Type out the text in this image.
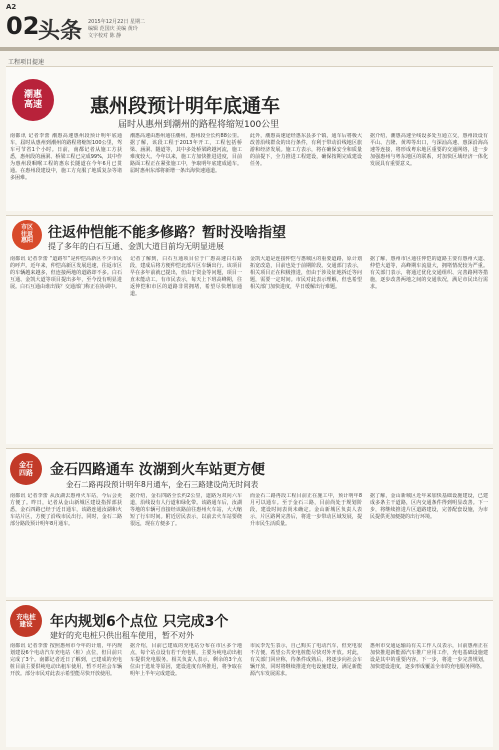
A2
02
头条 2015年12月22日 星期二
编辑 范国庆 美编 黄玲
文字校对 陈 静
工程项目提速
潮惠
高速	惠州段预计明年底通车
届时从惠州到潮州的路程将缩短100公里
南都讯 记者李蕾 潮惠高速惠州段预计明年底通车，届时从惠州到潮州的路程将缩短100公里，驾车可节省1个小时。日前，南都记者从施工方获悉，惠州段的涵洞、桥梁工程已完成99%，其中作为惠州段咽喉工程的惠东长隧道在今年6月已贯通。在惠州段建设中，施工方克服了地质复杂等诸多困难。
潮惠高速由惠州通往潮州，惠州段全长约88公里。据了解，该段工程于2013年开工，工程包括桥梁、涵洞、隧道等，其中多处桥梁跨越河流，施工难度较大。今年以来，施工方加快推进进度，目前路面工程正在紧张施工中，争取明年底建成通车。届时惠州东部将新增一条出海快速通道。
此外，潮惠高速途经惠东县多个镇，通车后将极大改善沿线群众的出行条件，有利于带动沿线地区旅游和经济发展。施工方表示，将在确保安全和质量的前提下，全力推进工程建设，确保按期完成建设任务。
据介绍，潮惠高速全线设多处互通立交，惠州段设有平山、吉隆、黄埠等出口，与深汕高速、惠深沿海高速等连接，将形成粤东地区重要的交通网络，进一步加强惠州与粤东地区的联系，对加快区域经济一体化发展具有重要意义。
市区
往返
惠阳 往返仲恺能不能多修路？暂时没啥指望
提了多年的白石互通、金凯大道目前均无明显进展
南都讯 记者李蕾 “道路窄”是仲恺高新区不少市民的呼声。近年来，仲恺高新区发展迅速，往返市区的车辆越来越多，但连接两地的道路却不多。白石互通、金凯大道等项目提出多年，至今没有明显进展。白石互通由谁出钱？交通部门称正在协调中。
记者了解到，白石互通项目位于广惠高速白石路段，建成后将方便仲恺北部片区车辆出行。该项目早在多年前就已提出，但由于资金等问题，项目一直未能动工。有市民表示，每天上下班高峰期，往返仲恺和市区的道路非常拥堵，希望尽快增加通道。
金凯大道是连接仲恺与惠城区的重要道路，原计划拓宽改造，目前也处于前期阶段。交通部门表示，相关项目正在积极推进，但由于涉及征地拆迁等问题，需要一定时间。市民对此表示理解，但也希望相关部门加快进度，早日缓解出行难题。
据了解，惠州市区通往仲恺的道路主要有惠州大道、仲恺大道等，高峰期车流量大，拥堵情况较为严重。有关部门表示，将通过优化交通组织、完善路网等措施，逐步改善两地之间的交通状况，满足市民出行需求。
金石
四路 金石四路通车 汝湖到火车站更方便
金石二路再段预计明年8月通车，金石三路建设尚无时间表
南都讯 记者李蕾 从汝湖去惠州火车站，今后会更方便了。昨日，记者从金山新城区建设指挥部获悉，金石四路已经于近日通车，该路连通汝湖和火车站片区，方便了沿线市民出行。同时，金石二路部分路段预计明年8月通车。
据介绍，金石四路全长约2公里，道路为双向六车道，沿线设有人行道和绿化带。该路通车后，汝湖等地的车辆可直接经该路前往惠州火车站，大大缩短了行车时间。附近居民表示，以前去火车站要绕很远，现在方便多了。
而金石二路再段工程目前正在施工中，预计明年8月可以通车。至于金石三路，目前尚处于规划阶段，建设时间表尚未确定。金山新城区负责人表示，片区路网完善后，将进一步带动区域发展，提升市民生活质量。
据了解，金山新城区近年来加快基础设施建设，已建成多条主干道路，区内交通条件得到明显改善。下一步，将继续推进片区道路建设，完善配套设施，为市民提供更加便捷的出行环境。
充电桩
建设 年内规划6个点位 只完成3个
建好的充电桩只供出租车使用，暂不对外
南都讯 记者李蕾 按照惠州市今年的计划，年内规划建设6个电动汽车充电站（桩）点位，但目前只完成了3个。南都记者近日了解到，已建成的充电桩目前主要供纯电动出租车使用，暂不对社会车辆开放。部分市民对此表示希望能尽快开放使用。
据介绍，目前已建成的充电站分布在市区多个地点，每个站点设有若干充电桩，主要为纯电动出租车提供充电服务。相关负责人表示，剩余的3个点位由于选址等原因，建设进度有所推迟，将争取在明年上半年完成建设。
市民李先生表示，自己购买了电动汽车，但充电很不方便，希望公共充电桩能尽快对外开放。对此，有关部门回应称，待条件成熟后，将逐步向社会车辆开放，同时将继续推进充电设施建设，满足新能源汽车发展需求。
惠州市交通运输局有关工作人员表示，目前惠州正在加快推进新能源汽车推广应用工作，充电基础设施建设是其中的重要内容。下一步，将进一步完善规划，加快建设进度，逐步形成覆盖全市的充电服务网络。
